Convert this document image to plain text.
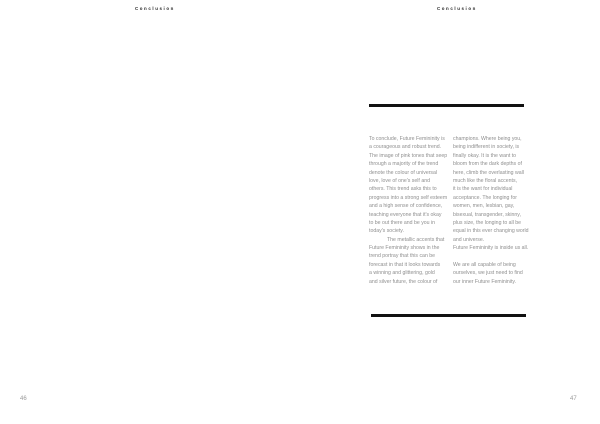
Conclusion
46
Conclusion
To conclude, Future Femininity is
a courageous and robust trend.
The image of pink tones that seep
through a majority of the trend
denote the colour of universal
love, love of one's self and
others. This trend asks this to
progress into a strong self esteem
and a high sense of confidence,
teaching everyone that it's okay
to be out there and be you in
today's society.
The metallic accents that
Future Femininity shows in the
trend portray that this can be
forecast in that it looks towards
a winning and glittering, gold
and silver future, the colour of
champions. Where being you,
being indifferent in society, is
finally okay. It is the want to
bloom from the dark depths of
here, climb the overlasting wall
much like the floral accents,
it is the want for individual
acceptance. The longing for
women, men, lesbian, gay,
bisexual, transgender, skinny,
plus size, the longing to all be
equal in this ever changing world
and universe.
Future Femininity is inside us all.
We are all capable of being
ourselves, we just need to find
our inner Future Femininity.
47
